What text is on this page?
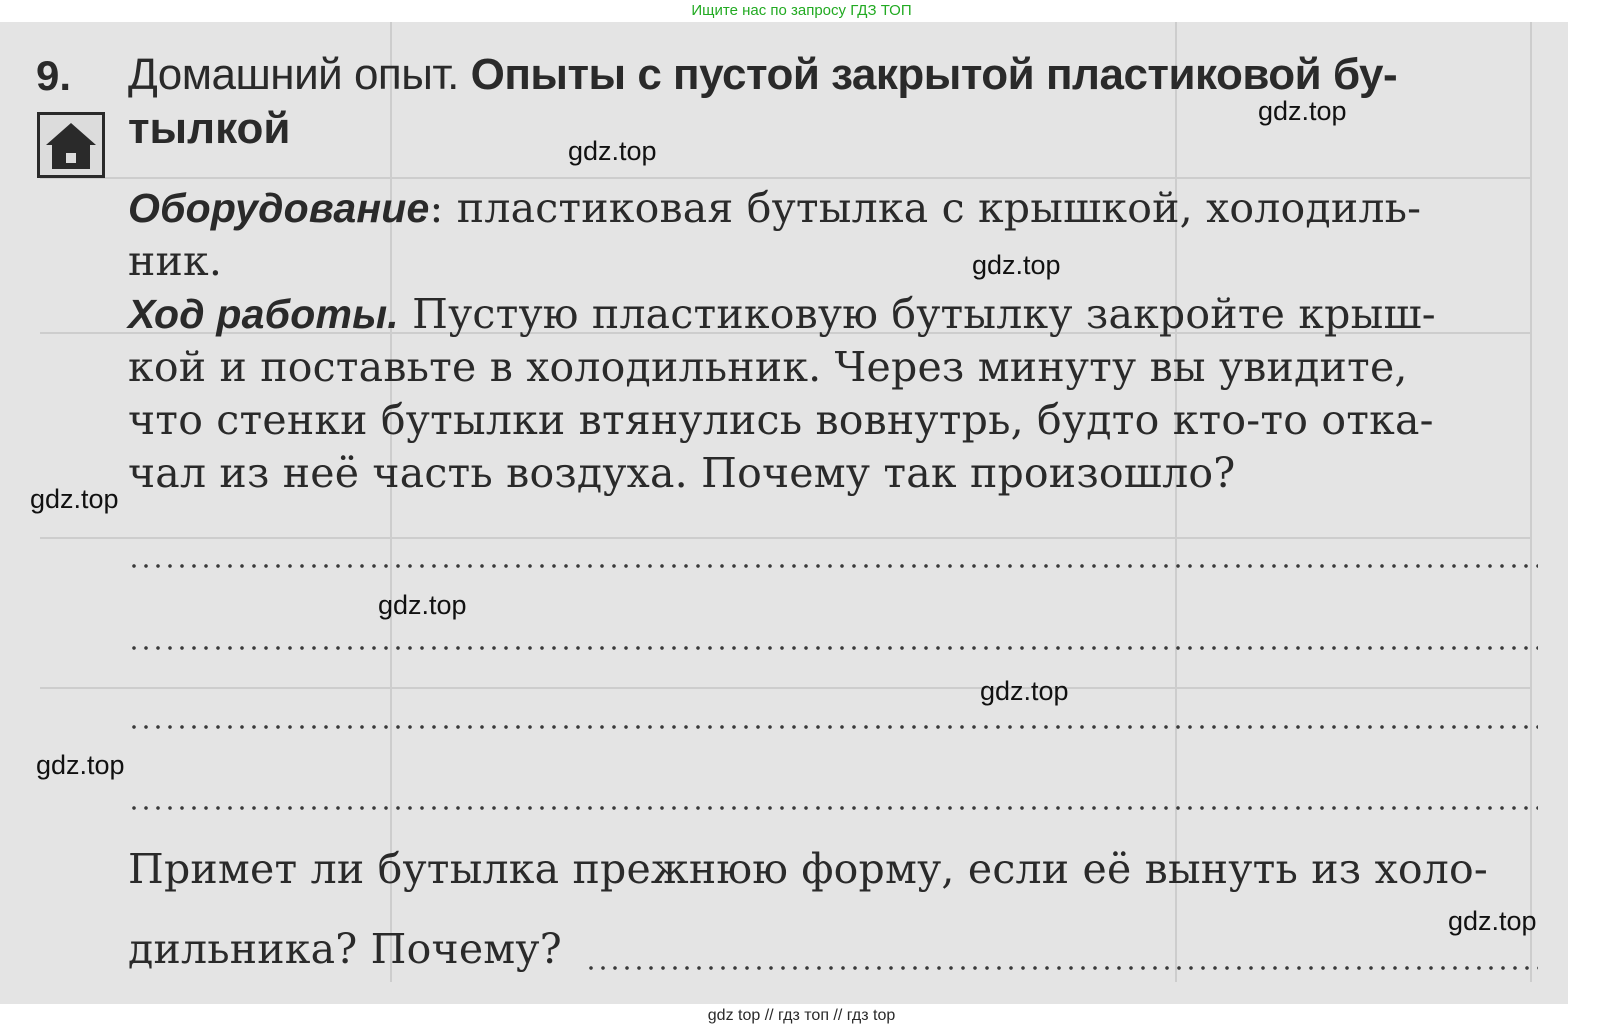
Ищите нас по запросу ГДЗ ТОП
9. Домашний опыт. Опыты с пустой закрытой пластиковой бу-
тылкой
Оборудование: пластиковая бутылка с крышкой, холодиль-
ник.
Ход работы. Пустую пластиковую бутылку закройте крыш-
кой и поставьте в холодильник. Через минуту вы увидите,
что стенки бутылки втянулись вовнутрь, будто кто-то отка-
чал из неё часть воздуха. Почему так произошло?
Примет ли бутылка прежнюю форму, если её вынуть из холо-
дильника? Почему?
gdz.top
gdz.top
gdz.top
gdz.top
gdz.top
gdz.top
gdz.top
gdz.top
gdz top // гдз топ // гдз top
